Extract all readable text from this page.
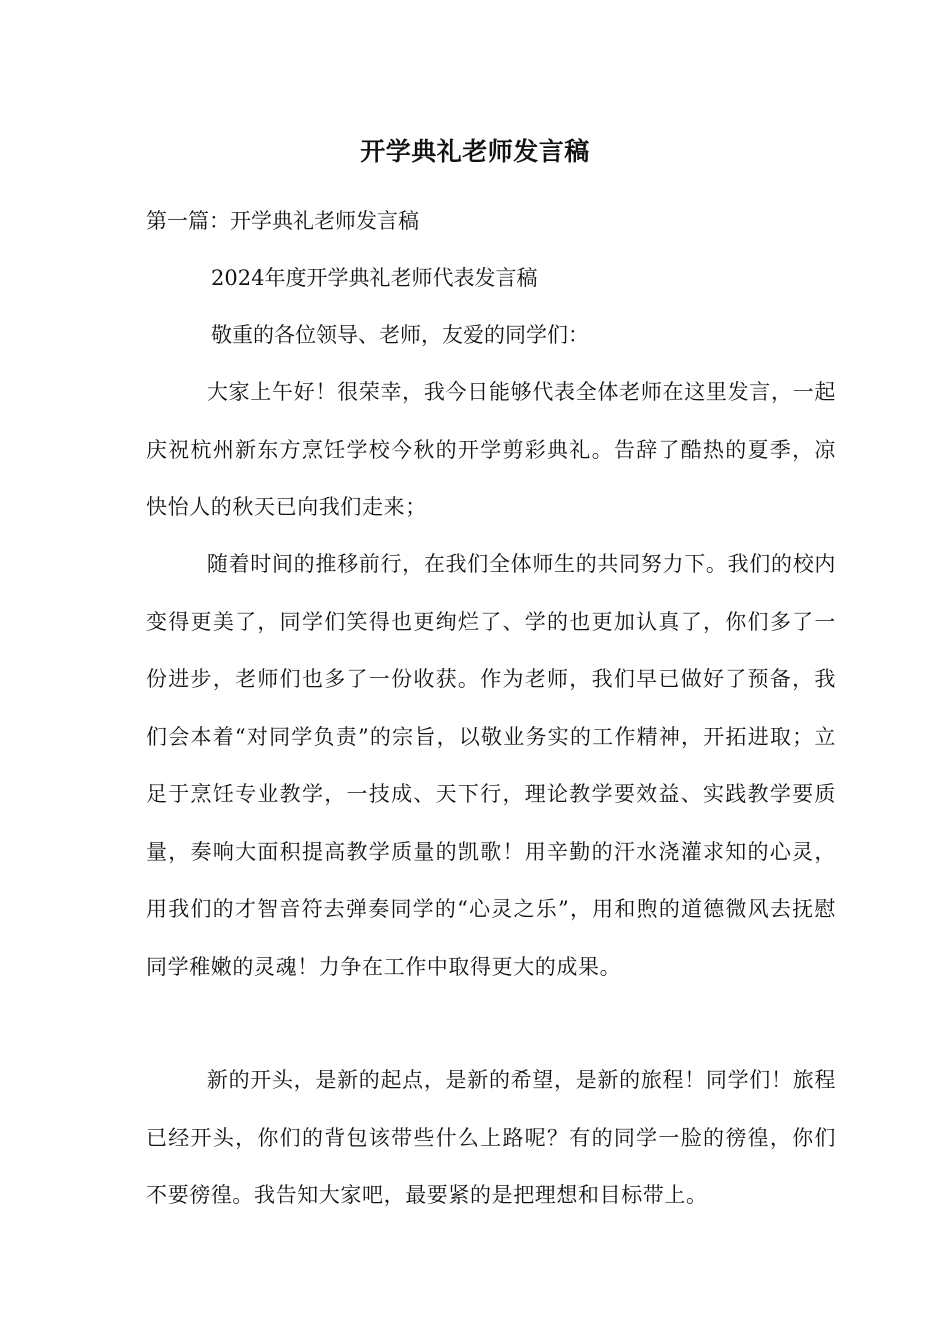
开学典礼老师发言稿
第一篇：开学典礼老师发言稿
2024年度开学典礼老师代表发言稿
敬重的各位领导、老师，友爱的同学们：
大家上午好！很荣幸，我今日能够代表全体老师在这里发言，一起庆祝杭州新东方烹饪学校今秋的开学剪彩典礼。告辞了酷热的夏季，凉快怡人的秋天已向我们走来；
随着时间的推移前行，在我们全体师生的共同努力下。我们的校内变得更美了，同学们笑得也更绚烂了、学的也更加认真了，你们多了一份进步，老师们也多了一份收获。作为老师，我们早已做好了预备，我们会本着“对同学负责”的宗旨，以敬业务实的工作精神，开拓进取；立足于烹饪专业教学，一技成、天下行，理论教学要效益、实践教学要质量，奏响大面积提高教学质量的凯歌！用辛勤的汗水浇灌求知的心灵，用我们的才智音符去弹奏同学的“心灵之乐”，用和煦的道德微风去抚慰同学稚嫩的灵魂！力争在工作中取得更大的成果。
新的开头，是新的起点，是新的希望，是新的旅程！同学们！旅程已经开头，你们的背包该带些什么上路呢？有的同学一脸的徬徨，你们不要徬徨。我告知大家吧，最要紧的是把理想和目标带上。
